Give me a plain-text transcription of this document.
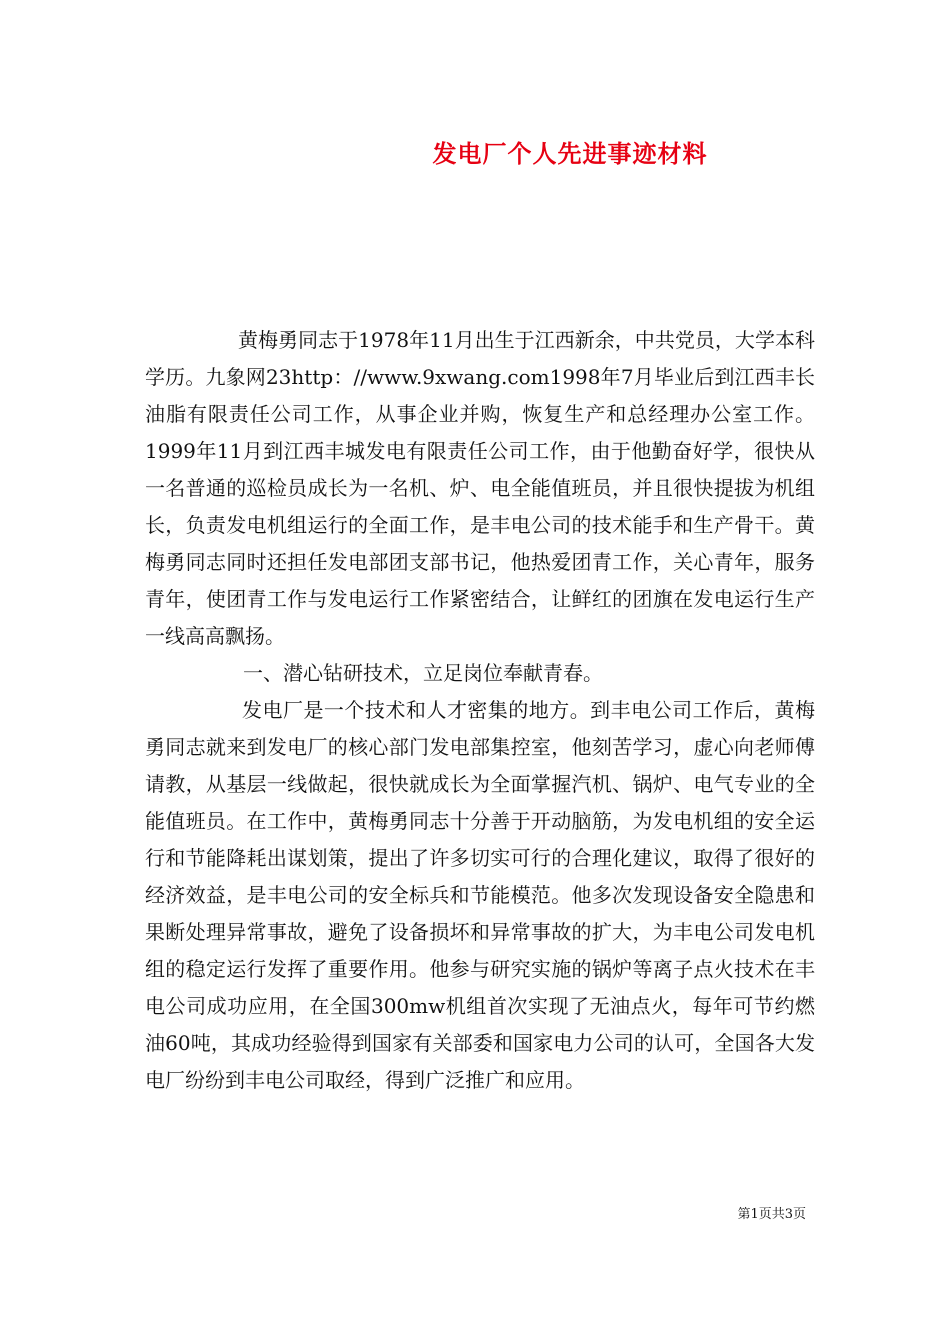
发电厂个人先进事迹材料

黄梅勇同志于1978年11月出生于江西新余，中共党员，大学本科学历。九象网23http：//www.9xwang.com1998年7月毕业后到江西丰长油脂有限责任公司工作，从事企业并购，恢复生产和总经理办公室工作。1999年11月到江西丰城发电有限责任公司工作，由于他勤奋好学，很快从一名普通的巡检员成长为一名机、炉、电全能值班员，并且很快提拔为机组长，负责发电机组运行的全面工作，是丰电公司的技术能手和生产骨干。黄梅勇同志同时还担任发电部团支部书记，他热爱团青工作，关心青年，服务青年，使团青工作与发电运行工作紧密结合，让鲜红的团旗在发电运行生产一线高高飘扬。

一、潜心钻研技术，立足岗位奉献青春。

发电厂是一个技术和人才密集的地方。到丰电公司工作后，黄梅勇同志就来到发电厂的核心部门发电部集控室，他刻苦学习，虚心向老师傅请教，从基层一线做起，很快就成长为全面掌握汽机、锅炉、电气专业的全能值班员。在工作中，黄梅勇同志十分善于开动脑筋，为发电机组的安全运行和节能降耗出谋划策，提出了许多切实可行的合理化建议，取得了很好的经济效益，是丰电公司的安全标兵和节能模范。他多次发现设备安全隐患和果断处理异常事故，避免了设备损坏和异常事故的扩大，为丰电公司发电机组的稳定运行发挥了重要作用。他参与研究实施的锅炉等离子点火技术在丰电公司成功应用，在全国300mw机组首次实现了无油点火，每年可节约燃油60吨，其成功经验得到国家有关部委和国家电力公司的认可，全国各大发电厂纷纷到丰电公司取经，得到广泛推广和应用。

第1页共3页
